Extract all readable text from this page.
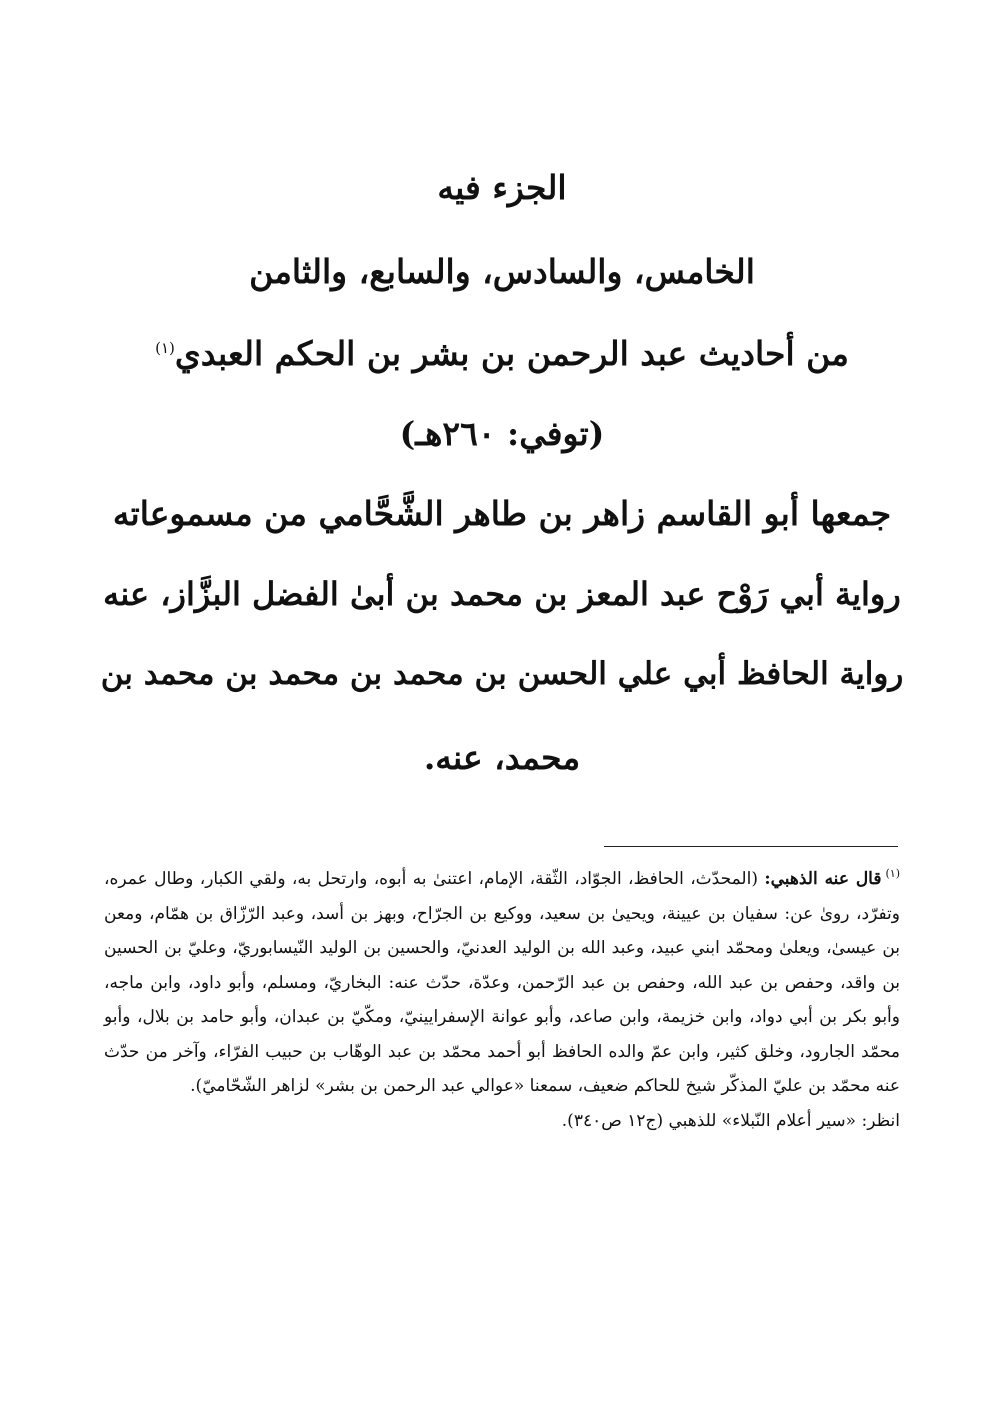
الجزء فيه
الخامس، والسادس، والسابع، والثامن
من أحاديث عبد الرحمن بن بشر بن الحكم العبدي$^{(١)}$
(توفي: ٢٦٠هـ)
جمعها أبو القاسم زاهر بن طاهر الشَّحَّامي من مسموعاته
رواية أبي رَوْح عبد المعز بن محمد بن أبىٰ الفضل البزَّاز، عنه
رواية الحافظ أبي علي الحسن بن محمد بن محمد بن محمد بن
محمد، عنه.

$^{(١)}$قال عنه الذهبي: (المحدّث، الحافظ، الجوّاد، الثّقة، الإمام، اعتنىٰ به أبوه، وارتحل به، ولقي الكبار، وطال عمره، وتفرّد، روىٰ عن: سفيان بن عيينة، ويحيىٰ بن سعيد، ووكيع بن الجرّاح، وبهز بن أسد، وعبد الرّزّاق بن همّام، ومعن بن عيسىٰ، ويعلىٰ ومحمّد ابني عبيد، وعبد الله بن الوليد العدنيّ، والحسين بن الوليد النّيسابوريّ، وعليّ بن الحسين بن واقد، وحفص بن عبد الله، وحفص بن عبد الرّحمن، وعدّة، حدّث عنه: البخاريّ، ومسلم، وأبو داود، وابن ماجه، وأبو بكر بن أبي دواد، وابن خزيمة، وابن صاعد، وأبو عوانة الإسفرايينيّ، ومكّيّ بن عبدان، وأبو حامد بن بلال، وأبو محمّد الجارود، وخلق كثير، وابن عمّ والده الحافظ أبو أحمد محمّد بن عبد الوهّاب بن حبيب الفرّاء، وآخر من حدّث عنه محمّد بن عليّ المذكّر شيخ للحاكم ضعيف، سمعنا «عوالي عبد الرحمن بن بشر» لزاهر الشّحّاميّ).

انظر: «سير أعلام النّبلاء» للذهبي (ج١٢ ص٣٤٠).
